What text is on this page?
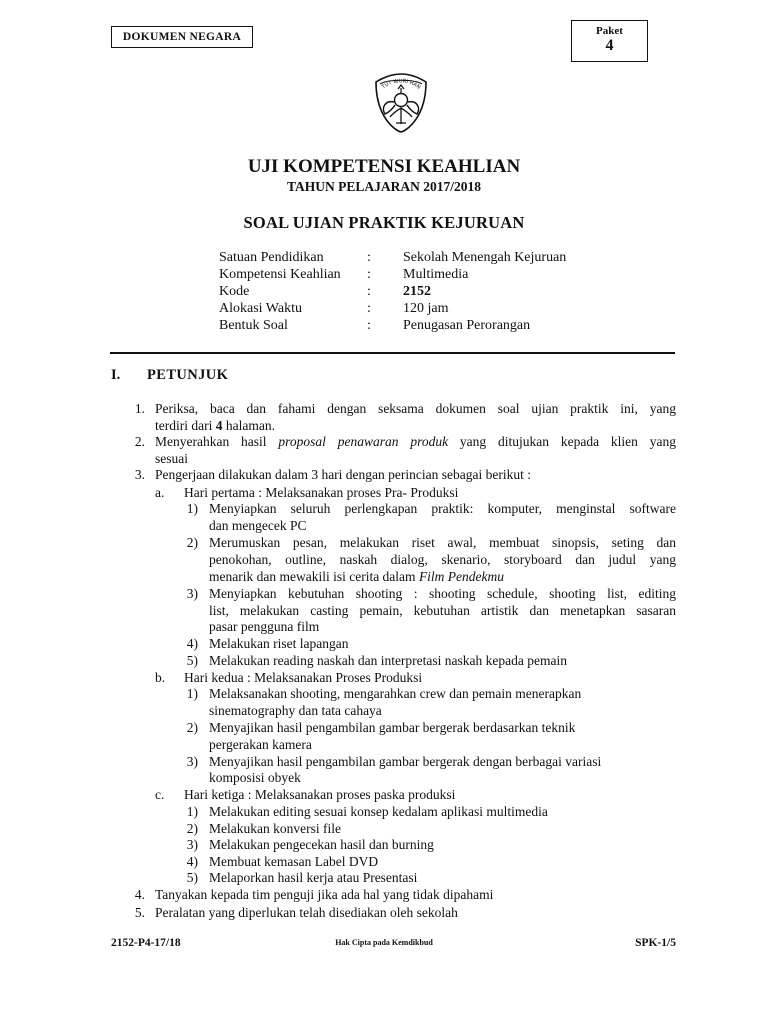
DOKUMEN NEGARA	Paket
4
TUT WURI HAN
UJI KOMPETENSI KEAHLIAN
TAHUN PELAJARAN 2017/2018
SOAL UJIAN PRAKTIK KEJURUAN
Satuan Pendidikan	: Sekolah Menengah Kejuruan
Kompetensi Keahlian : Multimedia
Kode	: 2152
Alokasi Waktu	: 120 jam
Bentuk Soal	: Penugasan Perorangan
I. PETUNJUK
1. Periksa, baca dan fahami dengan seksama dokumen soal ujian praktik ini, yang
terdiri dari 4 halaman.
2. Menyerahkan hasil proposal penawaran produk yang ditujukan kepada klien yang
sesuai
3. Pengerjaan dilakukan dalam 3 hari dengan perincian sebagai berikut :
a. Hari pertama : Melaksanakan proses Pra- Produksi
1) Menyiapkan seluruh perlengkapan praktik: komputer, menginstal software
dan mengecek PC
2) Merumuskan pesan, melakukan riset awal, membuat sinopsis, seting dan
penokohan, outline, naskah dialog, skenario, storyboard dan judul yang
menarik dan mewakili isi cerita dalam Film Pendekmu
3) Menyiapkan kebutuhan shooting : shooting schedule, shooting list, editing
list, melakukan casting pemain, kebutuhan artistik dan menetapkan sasaran
pasar pengguna film
4) Melakukan riset lapangan
5) Melakukan reading naskah dan interpretasi naskah kepada pemain
b. Hari kedua : Melaksanakan Proses Produksi
1) Melaksanakan shooting, mengarahkan crew dan pemain menerapkan
sinematography dan tata cahaya
2) Menyajikan hasil pengambilan gambar bergerak berdasarkan teknik
pergerakan kamera
3) Menyajikan hasil pengambilan gambar bergerak dengan berbagai variasi
komposisi obyek
c. Hari ketiga : Melaksanakan proses paska produksi
1) Melakukan editing sesuai konsep kedalam aplikasi multimedia
2) Melakukan konversi file
3) Melakukan pengecekan hasil dan burning
4) Membuat kemasan Label DVD
5) Melaporkan hasil kerja atau Presentasi
4. Tanyakan kepada tim penguji jika ada hal yang tidak dipahami
5. Peralatan yang diperlukan telah disediakan oleh sekolah
2152-P4-17/18	Hak Cipta pada Kemdikbud	SPK-1/5
